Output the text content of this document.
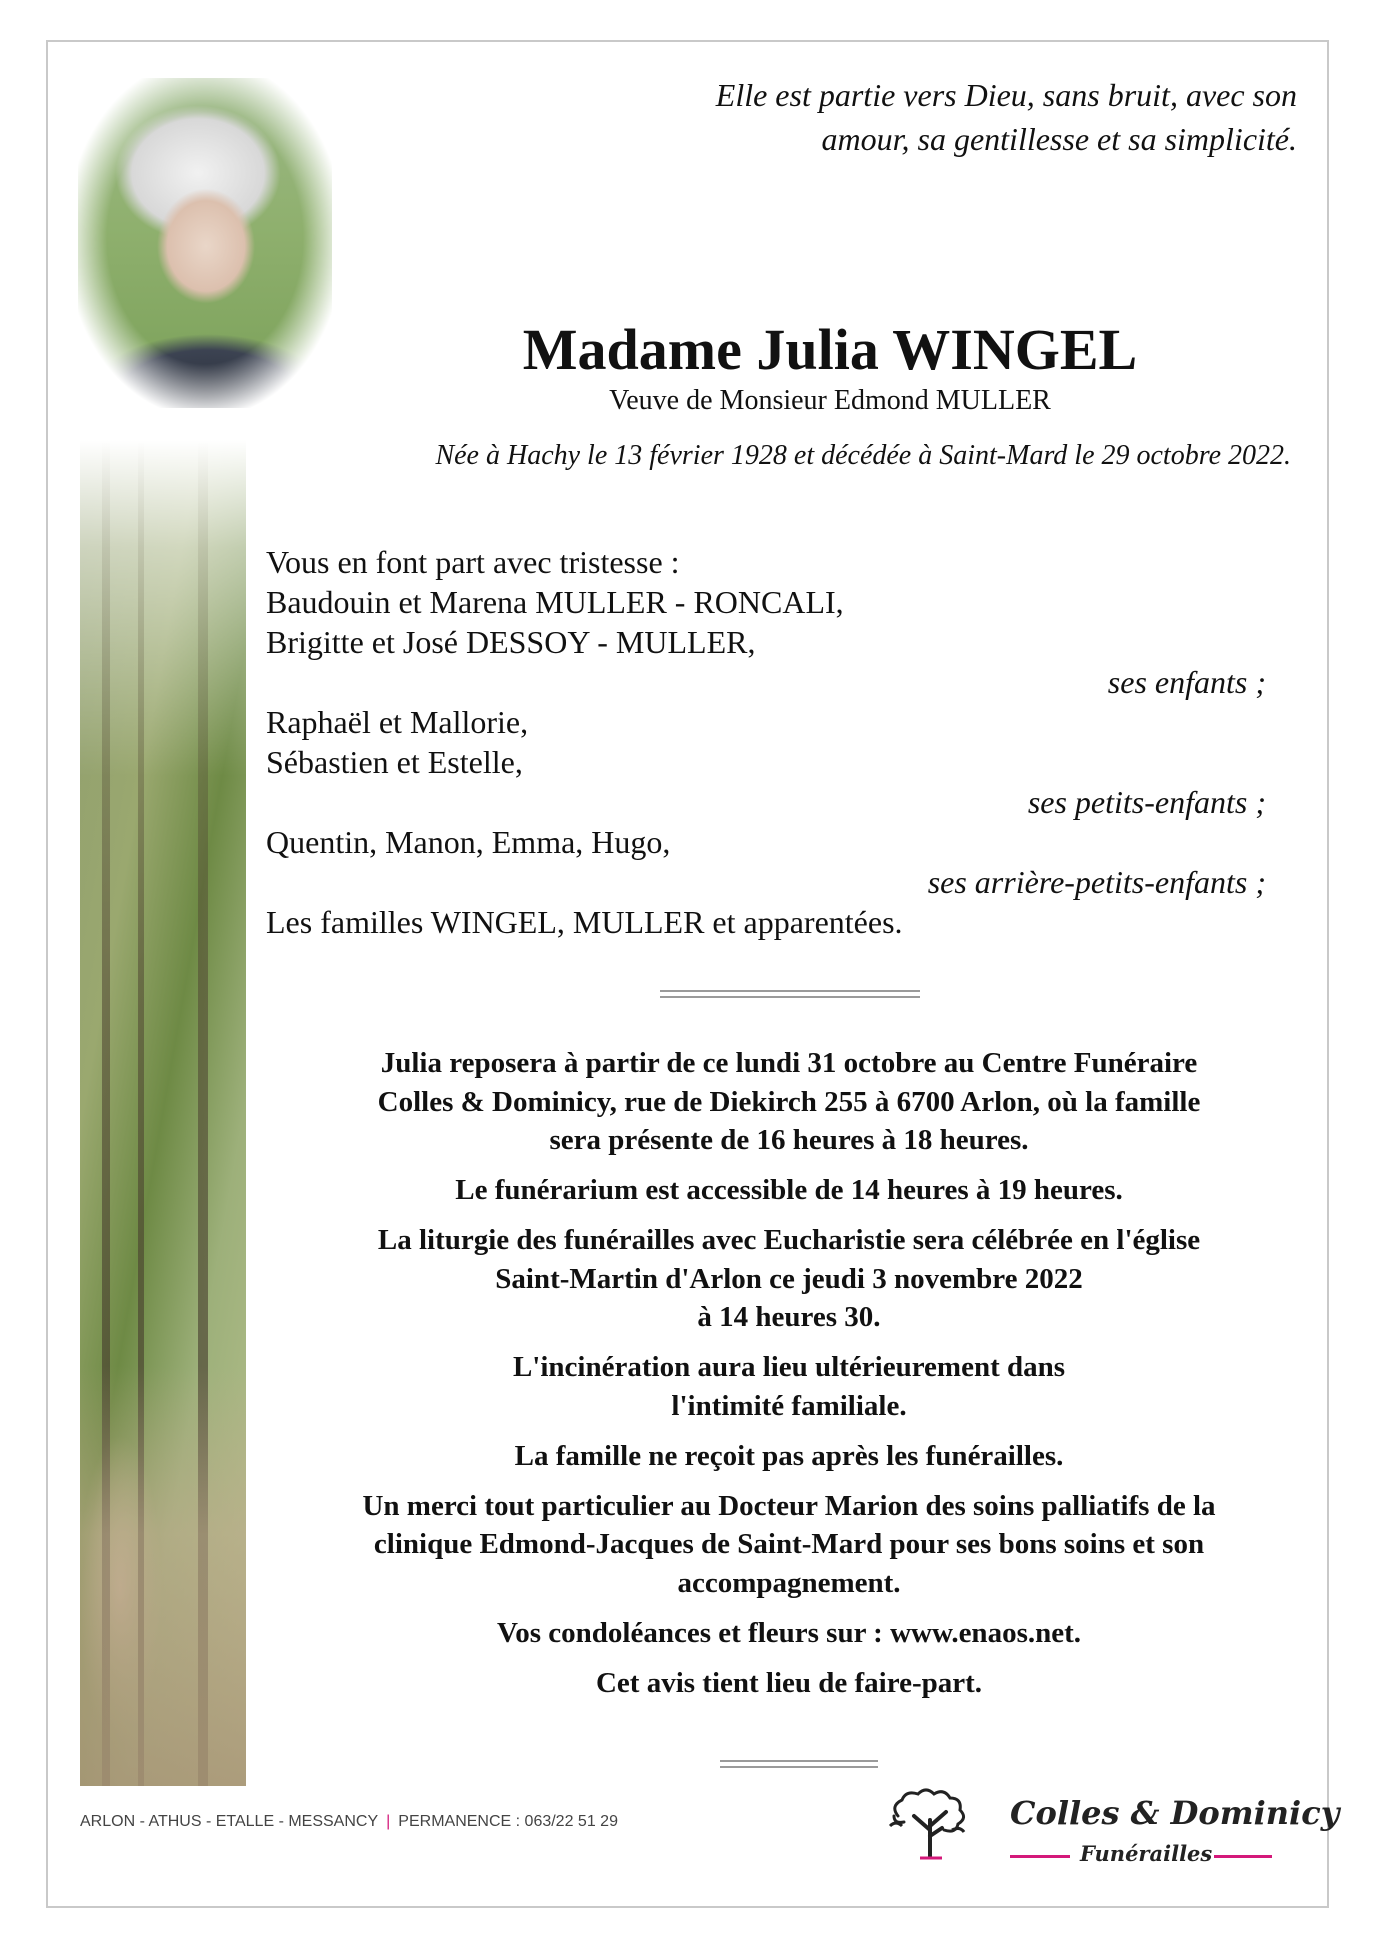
Elle est partie vers Dieu, sans bruit, avec son
amour, sa gentillesse et sa simplicité.
Madame Julia WINGEL
Veuve de Monsieur Edmond MULLER
Née à Hachy le 13 février 1928 et décédée à Saint-Mard le 29 octobre 2022.
Vous en font part avec tristesse :
Baudouin et Marena MULLER - RONCALI,
Brigitte et José DESSOY - MULLER,
ses enfants ;
Raphaël et Mallorie,
Sébastien et Estelle,
ses petits-enfants ;
Quentin, Manon, Emma, Hugo,
ses arrière-petits-enfants ;
Les familles WINGEL, MULLER et apparentées.

Julia reposera à partir de ce lundi 31 octobre au Centre Funéraire
Colles & Dominicy, rue de Diekirch 255 à 6700 Arlon, où la famille
sera présente de 16 heures à 18 heures.

Le funérarium est accessible de 14 heures à 19 heures.

La liturgie des funérailles avec Eucharistie sera célébrée en l'église
Saint-Martin d'Arlon ce jeudi 3 novembre 2022
à 14 heures 30.

L'incinération aura lieu ultérieurement dans
l'intimité familiale.

La famille ne reçoit pas après les funérailles.

Un merci tout particulier au Docteur Marion des soins palliatifs de la
clinique Edmond-Jacques de Saint-Mard pour ses bons soins et son
accompagnement.

Vos condoléances et fleurs sur : www.enaos.net.

Cet avis tient lieu de faire-part.

ARLON - ATHUS - ETALLE - MESSANCY | PERMANENCE : 063/22 51 29	Colles & Dominicy
Funérailles
